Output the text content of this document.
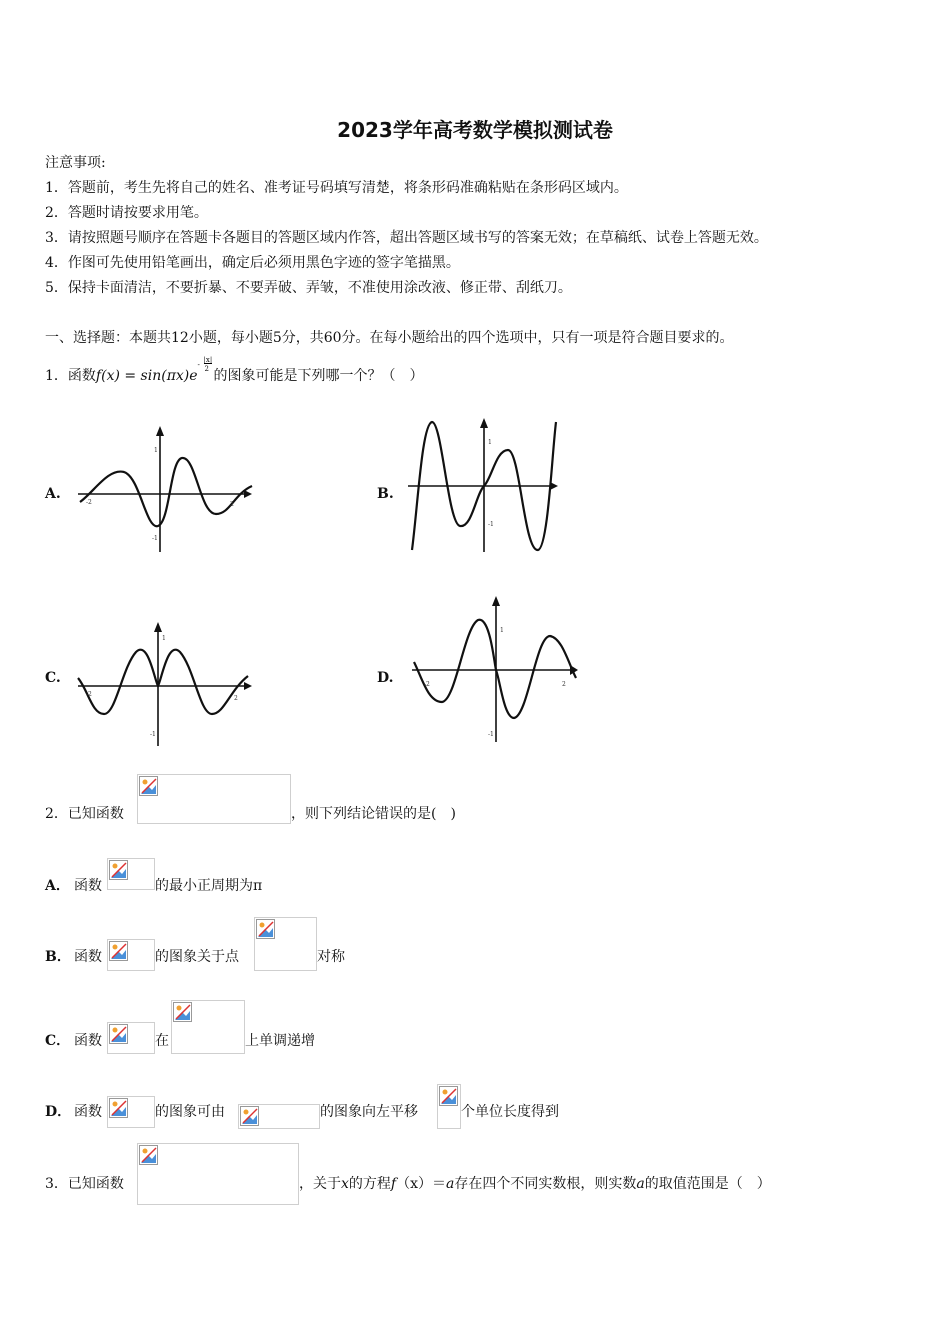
2023学年高考数学模拟测试卷
注意事项:
1．答题前，考生先将自己的姓名、准考证号码填写清楚，将条形码准确粘贴在条形码区域内。
2．答题时请按要求用笔。
3．请按照题号顺序在答题卡各题目的答题区域内作答，超出答题区域书写的答案无效；在草稿纸、试卷上答题无效。
4．作图可先使用铅笔画出，确定后必须用黑色字迹的签字笔描黑。
5．保持卡面清洁，不要折暴、不要弄破、弄皱，不准使用涂改液、修正带、刮纸刀。
一、选择题：本题共12小题，每小题5分，共60分。在每小题给出的四个选项中，只有一项是符合题目要求的。
1．函数f(x) = sin(πx)e
-
|x|
2 的图象可能是下列哪一个？（　）
A.	B.
C.	D.
-2	2
1
-1
1
-1
-2
2
1
-1
-2	2
1
-1
2．已知函数	，则下列结论错误的是(　)
A． 函数	的最小正周期为π
B． 函数	的图象关于点	对称
C． 函数	在	上单调递增
D． 函数	的图象可由	的图象向左平移	个单位长度得到
3．已知函数	，关于x的方程f（x）＝a存在四个不同实数根，则实数a的取值范围是（　）
